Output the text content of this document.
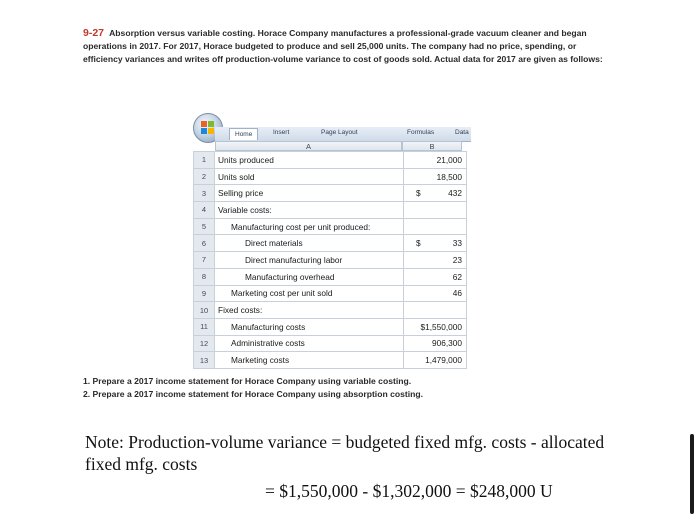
9-27 Absorption versus variable costing. Horace Company manufactures a professional-grade vacuum cleaner and began operations in 2017. For 2017, Horace budgeted to produce and sell 25,000 units. The company had no price, spending, or efficiency variances and writes off production-volume variance to cost of goods sold. Actual data for 2017 are given as follows:
Home	Insert	Page Layout	Formulas	Data
A	B
1	Units produced	21,000
2	Units sold	18,500
3	Selling price	$ 432
4	Variable costs:	

5	Manufacturing cost per unit produced:	

6	Direct materials	$ 33
7	Direct manufacturing labor	23
8	Manufacturing overhead	62
9	Marketing cost per unit sold	46
10	Fixed costs:	

11	Manufacturing costs	$1,550,000
12	Administrative costs	906,300
13	Marketing costs	1,479,000
1. Prepare a 2017 income statement for Horace Company using variable costing.
2. Prepare a 2017 income statement for Horace Company using absorption costing.
Note: Production-volume variance = budgeted fixed mfg. costs - allocated fixed mfg. costs
= $1,550,000 - $1,302,000 = $248,000 U
